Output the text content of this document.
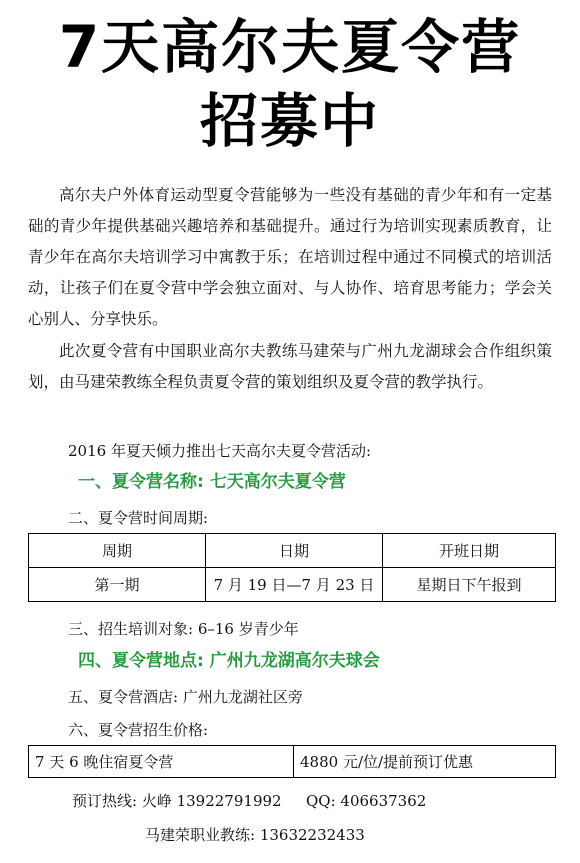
7天高尔夫夏令营
招募中

高尔夫户外体育运动型夏令营能够为一些没有基础的青少年和有一定基础的青少年提供基础兴趣培养和基础提升。通过行为培训实现素质教育，让青少年在高尔夫培训学习中寓教于乐；在培训过程中通过不同模式的培训活动，让孩子们在夏令营中学会独立面对、与人协作、培育思考能力；学会关心别人、分享快乐。

此次夏令营有中国职业高尔夫教练马建荣与广州九龙湖球会合作组织策划，由马建荣教练全程负责夏令营的策划组织及夏令营的教学执行。

2016 年夏天倾力推出七天高尔夫夏令营活动:
一、夏令营名称: 七天高尔夫夏令营
二、夏令营时间周期:
周期	日期	开班日期
第一期	7 月 19 日—7 月 23 日	星期日下午报到
三、招生培训对象: 6–16 岁青少年
四、夏令营地点: 广州九龙湖高尔夫球会
五、夏令营酒店: 广州九龙湖社区旁
六、夏令营招生价格:
7 天 6 晚住宿夏令营	4880 元/位/提前预订优惠
预订热线: 火峥 13922791992 QQ: 406637362
马建荣职业教练: 13632232433
